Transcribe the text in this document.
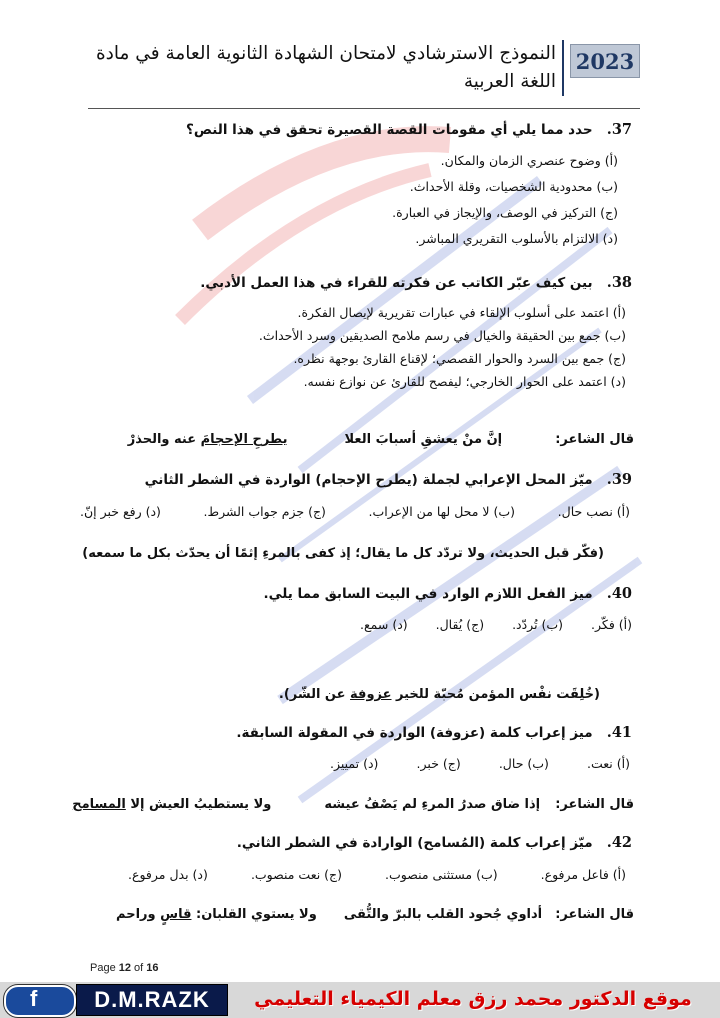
2023
النموذج الاسترشادي لامتحان الشهادة الثانوية العامة في مادة اللغة العربية
37.   حدد مما يلي أي مقومات القصة القصيرة تحقق في هذا النص؟
(أ) وضوح عنصري الزمان والمكان.
(ب) محدودية الشخصيات، وقلة الأحداث.
(ج) التركيز في الوصف، والإيجاز في العبارة.
(د) الالتزام بالأسلوب التقريري المباشر.
38.   بين كيف عبّر الكاتب عن فكرته للقراء في هذا العمل الأدبي.
(أ) اعتمد على أسلوب الإلقاء في عبارات تقريرية لإيصال الفكرة.
(ب) جمع بين الحقيقة والخيال في رسم ملامح الصديقين وسرد الأحداث.
(ج) جمع بين السرد والحوار القصصي؛ لإقناع القارئ بوجهة نظره.
(د) اعتمد على الحوار الخارجي؛ ليفصح للقارئ عن نوازع نفسه.
قال الشاعر:  إنَّ منْ يعشقِ أسبابَ العلا  يطرحِ الإحجامَ عنه والحذرْ
39.   ميّز المحل الإعرابي لجملة (يطرح الإحجام) الواردة في الشطر الثاني
(أ) نصب حال.
(ب) لا محل لها من الإعراب.
(ج) جزم جواب الشرط.
(د) رفع خبر إنّ.
(فكّر قبل الحديث، ولا تردّد كل ما يقال؛ إذ كفى بالمرءِ إثمًا أن يحدّث بكل ما سمعه)
40.   ميز الفعل اللازم الوارد في البيت السابق مما يلي.
(أ) فكّر.
(ب) تُردّد.
(ج) يُقال.
(د) سمع.
(خُلِقَت نفْس المؤمن مُحبّة للخير عزوفة عن الشّر).
41.   ميز إعراب كلمة (عزوفة) الواردة في المقولة السابقة.
(أ) نعت.
(ب) حال.
(ج) خبر.
(د) تمييز.
قال الشاعر:  إذا ضاق صدرُ المرءِ لم يَصْفُ عيشه  ولا يستطيبُ العيش إلا المسامح
42.   ميّز إعراب كلمة (المُسامح) الوارادة في الشطر الثاني.
(أ) فاعل مرفوع.
(ب) مستثنى منصوب.
(ج) نعت منصوب.
(د) بدل مرفوع.
قال الشاعر:  أداوي جُحود القلب بالبرّ والتُّقى  ولا يستوي القلبان: قاسٍ وراحم
Page 12 of 16
f	D.M.RAZK	موقع الدكتور محمد رزق معلم الكيمياء التعليمي
